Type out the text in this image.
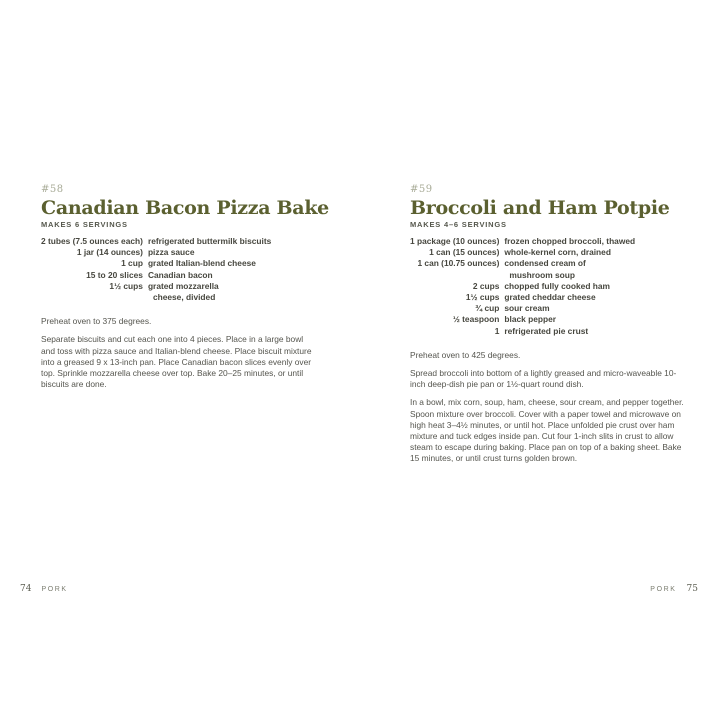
#58
Canadian Bacon Pizza Bake
MAKES 6 SERVINGS
2 tubes (7.5 ounces each)	refrigerated buttermilk biscuits

1 jar (14 ounces)	pizza sauce

1 cup	grated Italian-blend cheese

15 to 20 slices	Canadian bacon

1½ cups	grated mozzarella
cheese, divided

Preheat oven to 375 degrees.

Separate biscuits and cut each one into 4 pieces. Place in a large bowl and toss with pizza sauce and Italian-blend cheese. Place biscuit mixture into a greased 9 x 13-inch pan. Place Canadian bacon slices evenly over top. Sprinkle mozzarella cheese over top. Bake 20–25 minutes, or until biscuits are done.

74 PORK
#59
Broccoli and Ham Potpie
MAKES 4–6 SERVINGS
1 package (10 ounces)	frozen chopped broccoli, thawed

1 can (15 ounces)	whole-kernel corn, drained

1 can (10.75 ounces)	condensed cream of
mushroom soup

2 cups	chopped fully cooked ham

1½ cups	grated cheddar cheese

¾ cup	sour cream

½ teaspoon	black pepper

1	refrigerated pie crust

Preheat oven to 425 degrees.

Spread broccoli into bottom of a lightly greased and micro-waveable 10-inch deep-dish pie pan or 1½-quart round dish.

In a bowl, mix corn, soup, ham, cheese, sour cream, and pepper together. Spoon mixture over broccoli. Cover with a paper towel and microwave on high heat 3–4½ minutes, or until hot. Place unfolded pie crust over ham mixture and tuck edges inside pan. Cut four 1-inch slits in crust to allow steam to escape during baking. Place pan on top of a baking sheet. Bake 15 minutes, or until crust turns golden brown.

PORK 75
